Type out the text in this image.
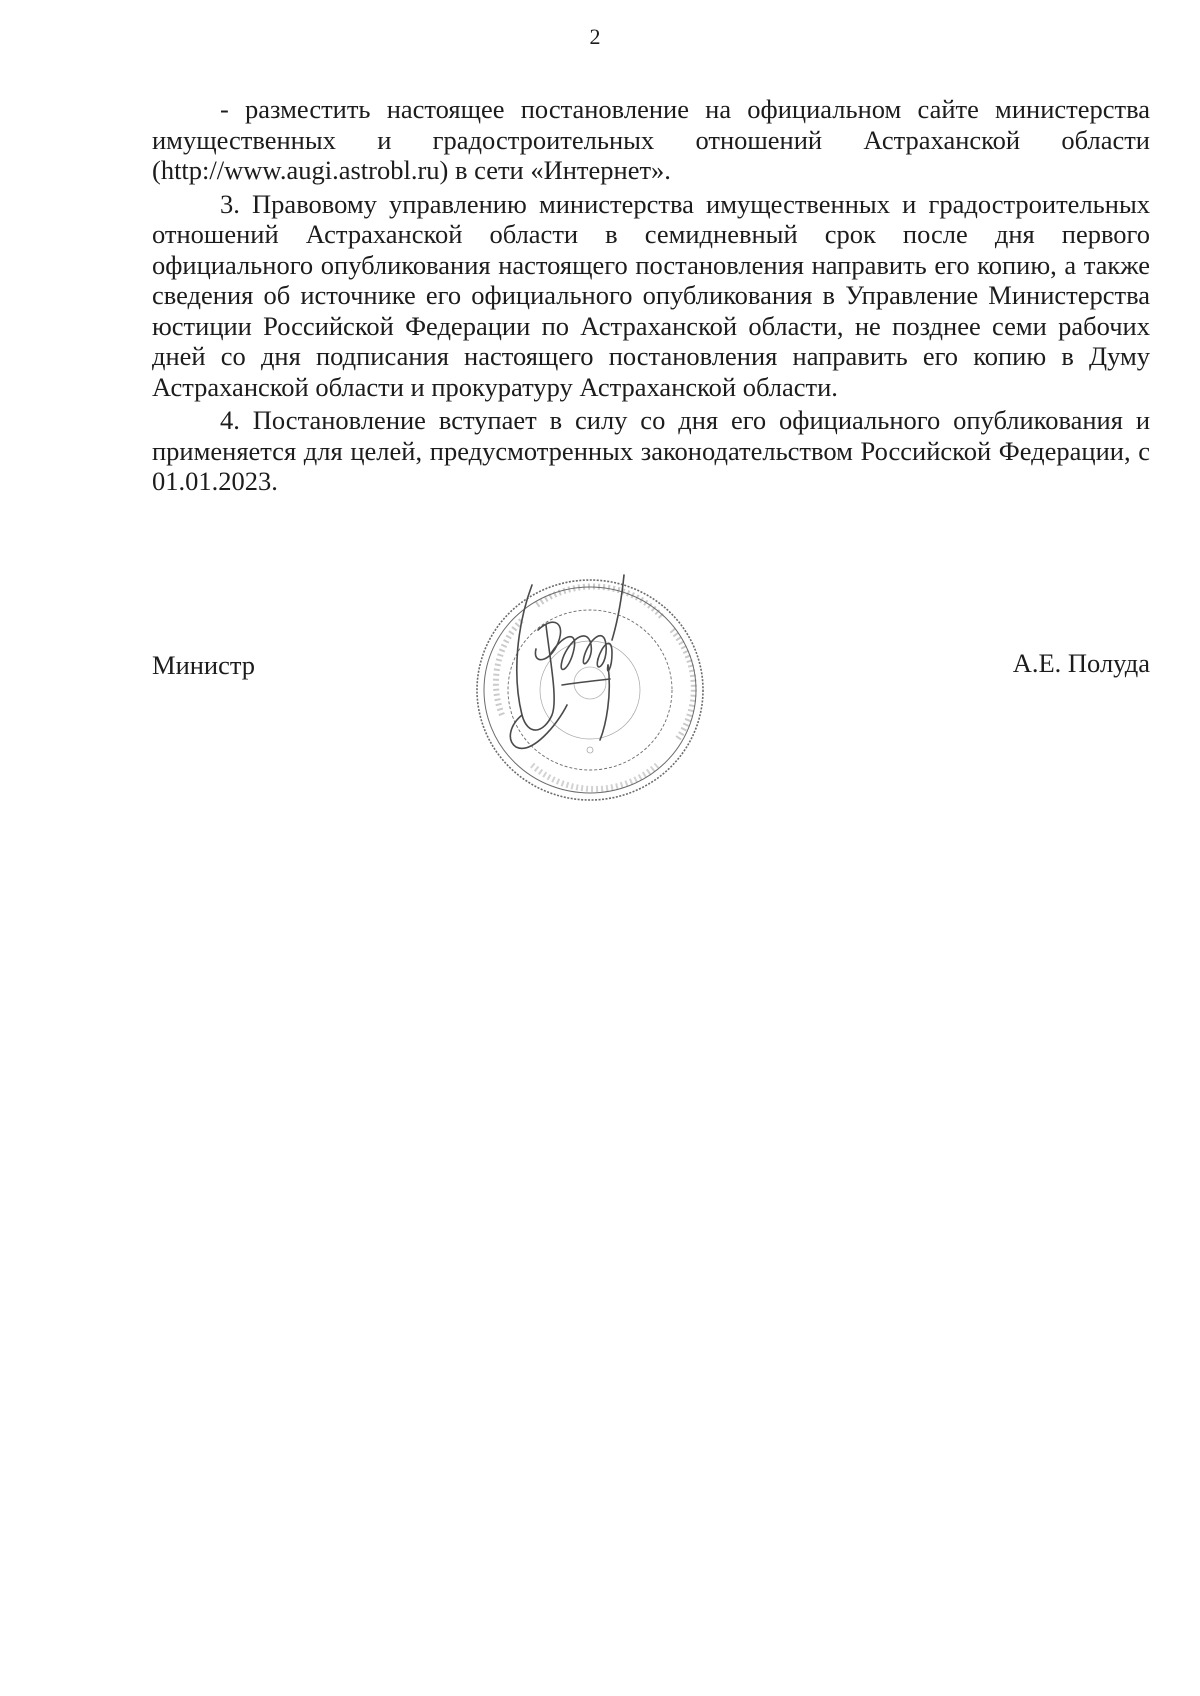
2

- разместить настоящее постановление на официальном сайте министерства имущественных и градостроительных отношений Астраханской области (http://www.augi.astrobl.ru) в сети «Интернет».

3. Правовому управлению министерства имущественных и градостроительных отношений Астраханской области в семидневный срок после дня первого официального опубликования настоящего постановления направить его копию, а также сведения об источнике его официального опубликования в Управление Министерства юстиции Российской Федерации по Астраханской области, не позднее семи рабочих дней со дня подписания настоящего постановления направить его копию в Думу Астраханской области и прокуратуру Астраханской области.

4. Постановление вступает в силу со дня его официального опубликования и применяется для целей, предусмотренных законодательством Российской Федерации, с 01.01.2023.

Министр	А.Е. Полуда
